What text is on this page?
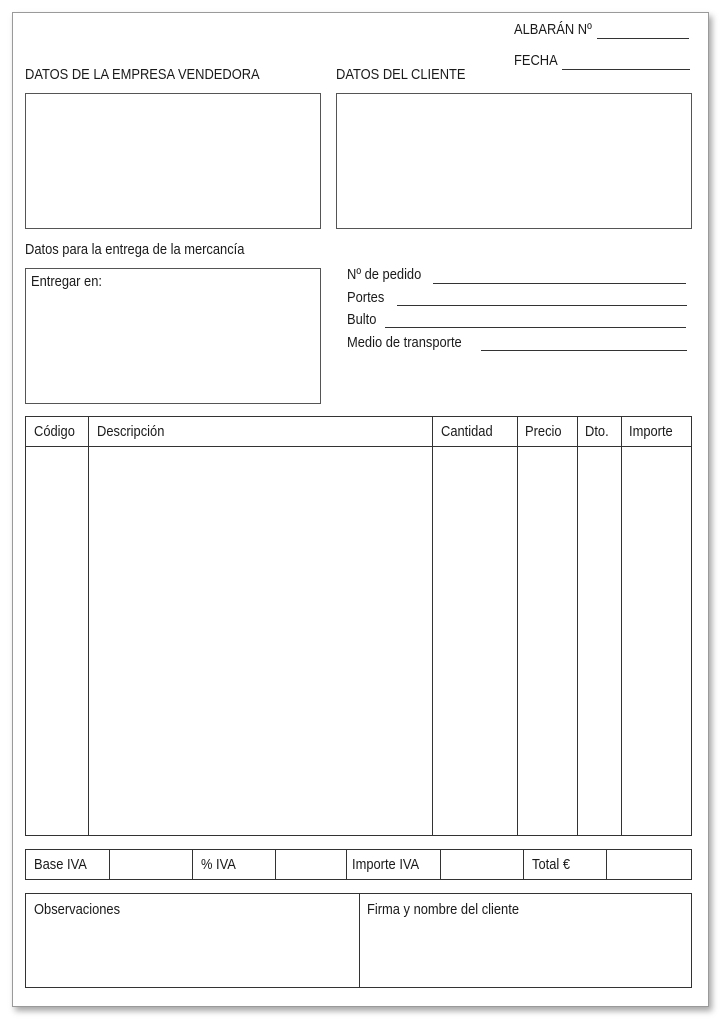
ALBARÁN Nº
FECHA
DATOS DE LA EMPRESA VENDEDORA	DATOS DEL CLIENTE
Datos para la entrega de la mercancía
Entregar en:	Nº de pedido
Portes
Bulto
Medio de transporte
Código	Descripción	Cantidad	Precio	Dto.	Importe

Base IVA		% IVA		Importe IVA		Total €	
Observaciones	Firma y nombre del cliente
